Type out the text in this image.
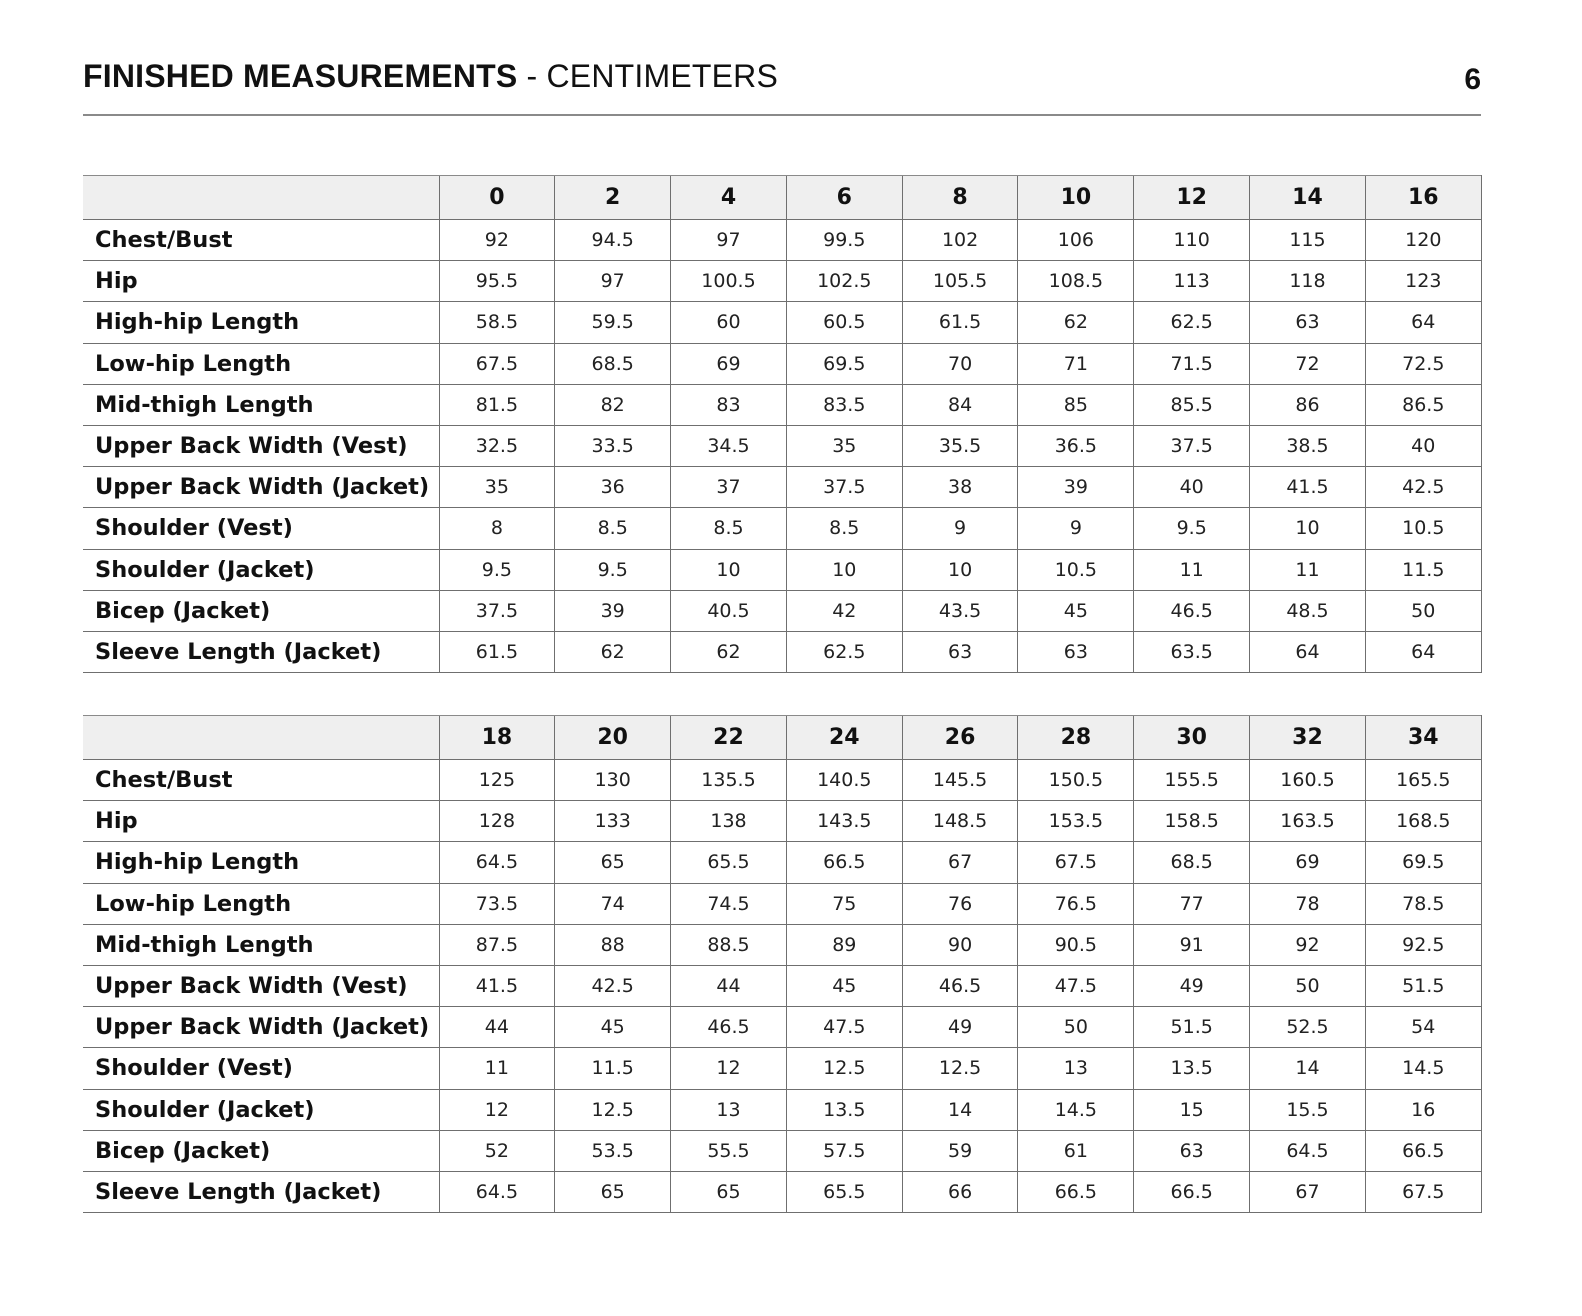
FINISHED MEASUREMENTS - CENTIMETERS	6
	0	2	4	6	8	10	12	14	16
Chest/Bust	92	94.5	97	99.5	102	106	110	115	120
Hip	95.5	97	100.5	102.5	105.5	108.5	113	118	123
High-hip Length	58.5	59.5	60	60.5	61.5	62	62.5	63	64
Low-hip Length	67.5	68.5	69	69.5	70	71	71.5	72	72.5
Mid-thigh Length	81.5	82	83	83.5	84	85	85.5	86	86.5
Upper Back Width (Vest)	32.5	33.5	34.5	35	35.5	36.5	37.5	38.5	40
Upper Back Width (Jacket)	35	36	37	37.5	38	39	40	41.5	42.5
Shoulder (Vest)	8	8.5	8.5	8.5	9	9	9.5	10	10.5
Shoulder (Jacket)	9.5	9.5	10	10	10	10.5	11	11	11.5
Bicep (Jacket)	37.5	39	40.5	42	43.5	45	46.5	48.5	50
Sleeve Length (Jacket)	61.5	62	62	62.5	63	63	63.5	64	64
	18	20	22	24	26	28	30	32	34
Chest/Bust	125	130	135.5	140.5	145.5	150.5	155.5	160.5	165.5
Hip	128	133	138	143.5	148.5	153.5	158.5	163.5	168.5
High-hip Length	64.5	65	65.5	66.5	67	67.5	68.5	69	69.5
Low-hip Length	73.5	74	74.5	75	76	76.5	77	78	78.5
Mid-thigh Length	87.5	88	88.5	89	90	90.5	91	92	92.5
Upper Back Width (Vest)	41.5	42.5	44	45	46.5	47.5	49	50	51.5
Upper Back Width (Jacket)	44	45	46.5	47.5	49	50	51.5	52.5	54
Shoulder (Vest)	11	11.5	12	12.5	12.5	13	13.5	14	14.5
Shoulder (Jacket)	12	12.5	13	13.5	14	14.5	15	15.5	16
Bicep (Jacket)	52	53.5	55.5	57.5	59	61	63	64.5	66.5
Sleeve Length (Jacket)	64.5	65	65	65.5	66	66.5	66.5	67	67.5
